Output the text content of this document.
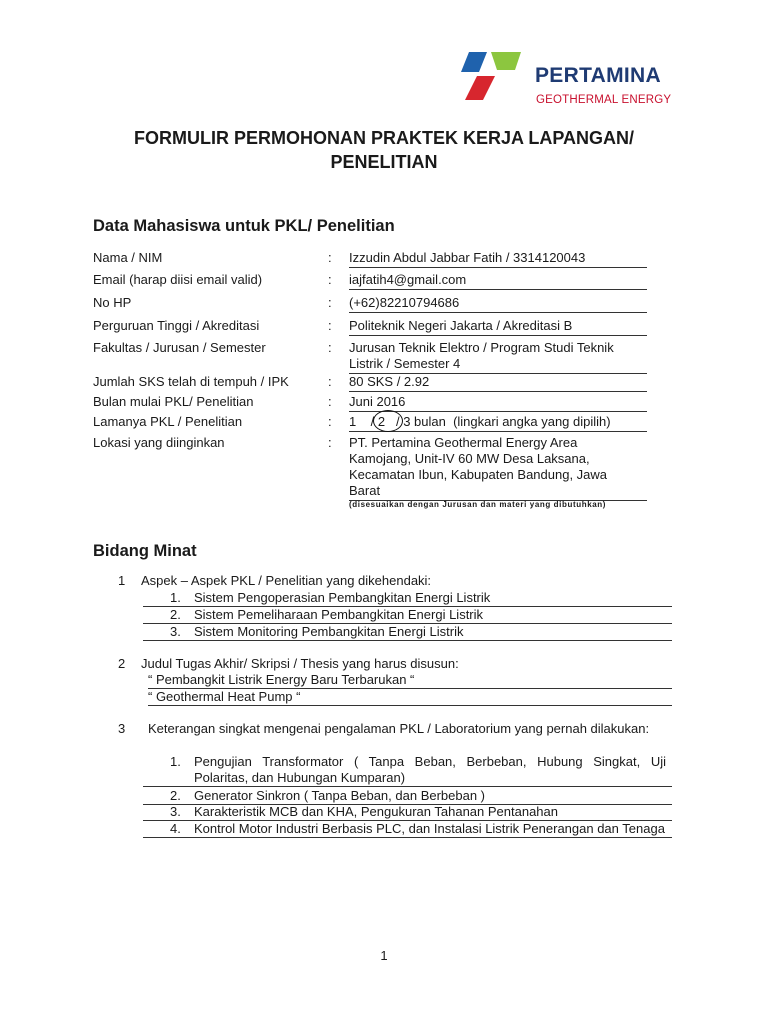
PERTAMINA
GEOTHERMAL ENERGY
FORMULIR PERMOHONAN PRAKTEK KERJA LAPANGAN/
PENELITIAN
Data Mahasiswa untuk PKL/ Penelitian
Nama / NIM	: Izzudin Abdul Jabbar Fatih / 3314120043
Email (harap diisi email valid)	: iajfatih4@gmail.com
No HP	: (+62)82210794686
Perguruan Tinggi / Akreditasi	: Politeknik Negeri Jakarta / Akreditasi B
Fakultas / Jurusan / Semester	: Jurusan Teknik Elektro / Program Studi Teknik Listrik / Semester 4
Jumlah SKS telah di tempuh / IPK	: 80 SKS / 2.92
Bulan mulai PKL/ Penelitian	: Juni 2016
Lamanya PKL / Penelitian	: 1    / 2   / 3 bulan  (lingkari angka yang dipilih)
Lokasi yang diinginkan	: PT. Pertamina Geothermal Energy Area Kamojang, Unit-IV 60 MW Desa Laksana, Kecamatan Ibun, Kabupaten Bandung, Jawa Barat
(disesuaikan dengan Jurusan dan materi yang dibutuhkan)
Bidang Minat
1 Aspek – Aspek PKL / Penelitian yang dikehendaki:
1. Sistem Pengoperasian Pembangkitan Energi Listrik
2. Sistem Pemeliharaan Pembangkitan Energi Listrik
3. Sistem Monitoring Pembangkitan Energi Listrik
2 Judul Tugas Akhir/ Skripsi / Thesis yang harus disusun:
“ Pembangkit Listrik Energy Baru Terbarukan “
“ Geothermal Heat Pump “
3 Keterangan singkat mengenai pengalaman PKL / Laboratorium yang pernah dilakukan:
1. Pengujian Transformator ( Tanpa Beban, Berbeban, Hubung Singkat, Uji Polaritas, dan Hubungan Kumparan)
2. Generator Sinkron ( Tanpa Beban, dan Berbeban )
3. Karakteristik MCB dan KHA, Pengukuran Tahanan Pentanahan
4. Kontrol Motor Industri Berbasis PLC, dan Instalasi Listrik Penerangan dan Tenaga
1
